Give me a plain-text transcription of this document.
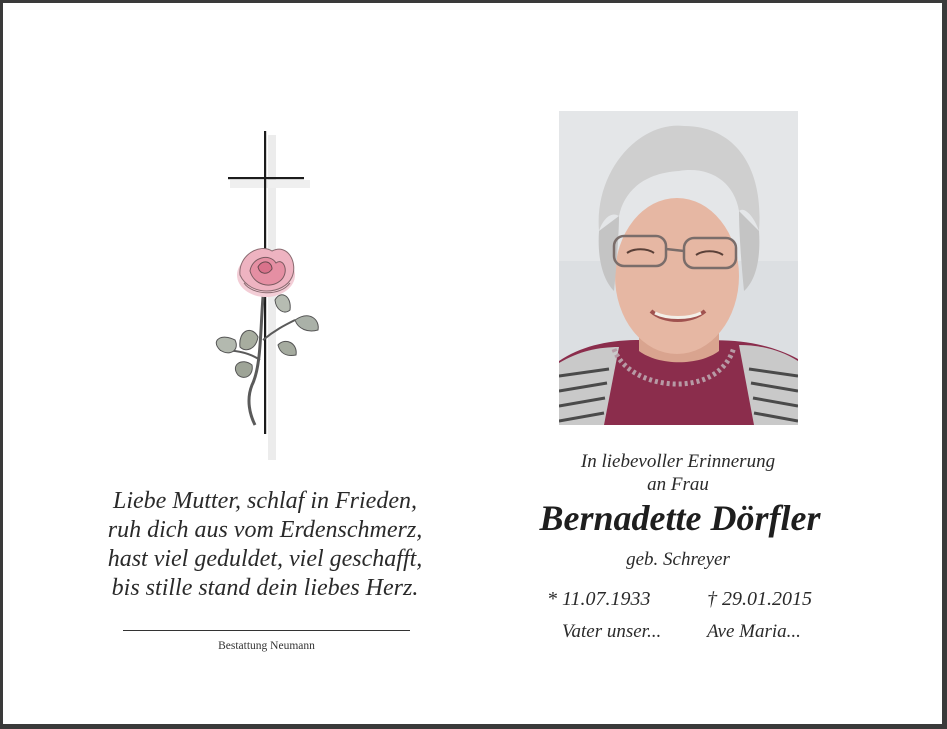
Liebe Mutter, schlaf in Frieden,
ruh dich aus vom Erdenschmerz,
hast viel geduldet, viel geschafft,
bis stille stand dein liebes Herz.
Bestattung Neumann
In liebevoller Erinnerung
an Frau
Bernadette Dörfler
geb. Schreyer
* 11.07.1933	† 29.01.2015
Vater unser... Ave Maria...
